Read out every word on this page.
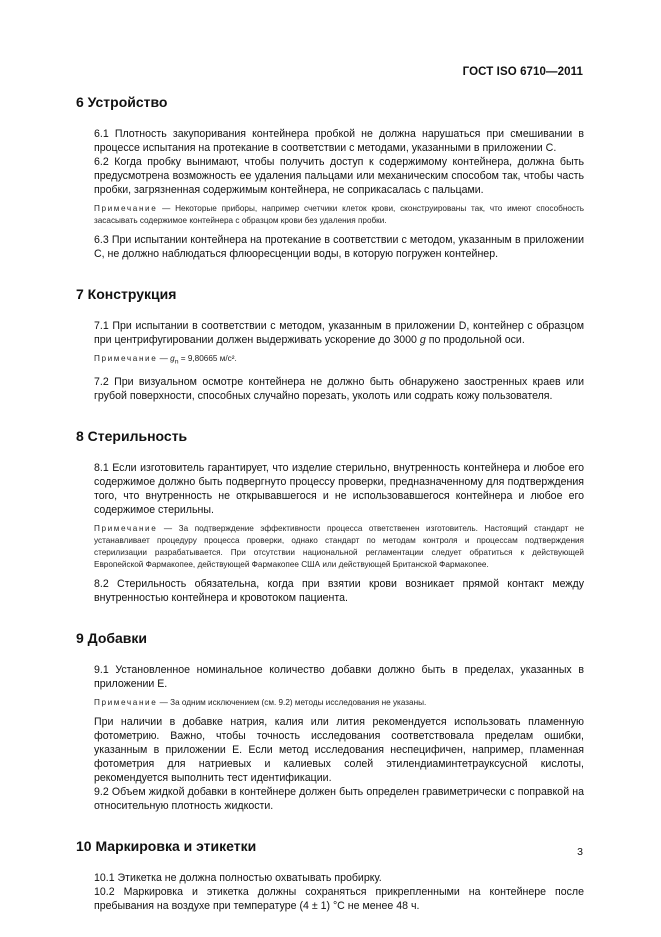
ГОСТ ISO 6710—2011
6 Устройство

6.1 Плотность закупоривания контейнера пробкой не должна нарушаться при смешивании в процессе испытания на протекание в соответствии с методами, указанными в приложении С.

6.2 Когда пробку вынимают, чтобы получить доступ к содержимому контейнера, должна быть предусмотрена возможность ее удаления пальцами или механическим способом так, чтобы часть пробки, загрязненная содержимым контейнера, не соприкасалась с пальцами.

Примечание — Некоторые приборы, например счетчики клеток крови, сконструированы так, что имеют способность засасывать содержимое контейнера с образцом крови без удаления пробки.

6.3 При испытании контейнера на протекание в соответствии с методом, указанным в приложении С, не должно наблюдаться флюоресценции воды, в которую погружен контейнер.

7 Конструкция

7.1 При испытании в соответствии с методом, указанным в приложении D, контейнер с образцом при центрифугировании должен выдерживать ускорение до 3000 g по продольной оси.

Примечание — $g_n = 9,80665$ м/с².

7.2 При визуальном осмотре контейнера не должно быть обнаружено заостренных краев или грубой поверхности, способных случайно порезать, уколоть или содрать кожу пользователя.

8 Стерильность

8.1 Если изготовитель гарантирует, что изделие стерильно, внутренность контейнера и любое его содержимое должно быть подвергнуто процессу проверки, предназначенному для подтверждения того, что внутренность не открывавшегося и не использовавшегося контейнера и любое его содержимое стерильны.

Примечание — За подтверждение эффективности процесса ответственен изготовитель. Настоящий стандарт не устанавливает процедуру процесса проверки, однако стандарт по методам контроля и процессам подтверждения стерилизации разрабатывается. При отсутствии национальной регламентации следует обратиться к действующей Европейской Фармакопее, действующей Фармакопее США или действующей Британской Фармакопее.

8.2 Стерильность обязательна, когда при взятии крови возникает прямой контакт между внутренностью контейнера и кровотоком пациента.

9 Добавки

9.1 Установленное номинальное количество добавки должно быть в пределах, указанных в приложении Е.

Примечание — За одним исключением (см. 9.2) методы исследования не указаны.

При наличии в добавке натрия, калия или лития рекомендуется использовать пламенную фотометрию. Важно, чтобы точность исследования соответствовала пределам ошибки, указанным в приложении Е. Если метод исследования неспецифичен, например, пламенная фотометрия для натриевых и калиевых солей этилендиаминтетрауксусной кислоты, рекомендуется выполнить тест идентификации.

9.2 Объем жидкой добавки в контейнере должен быть определен гравиметрически с поправкой на относительную плотность жидкости.

10 Маркировка и этикетки

10.1 Этикетка не должна полностью охватывать пробирку.

10.2 Маркировка и этикетка должны сохраняться прикрепленными на контейнере после пребывания на воздухе при температуре (4 ± 1) °С не менее 48 ч.

3
